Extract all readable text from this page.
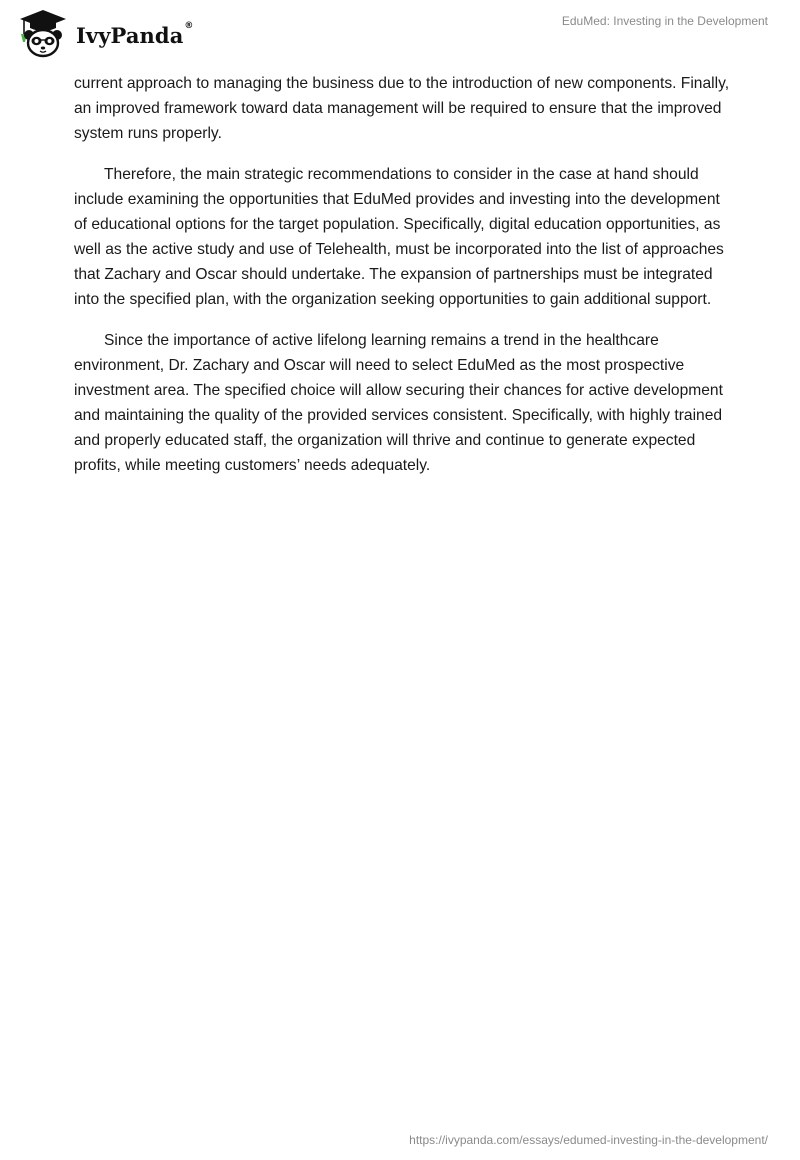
IvyPanda®	EduMed: Investing in the Development

current approach to managing the business due to the introduction of new components. Finally, an improved framework toward data management will be required to ensure that the improved system runs properly.

Therefore, the main strategic recommendations to consider in the case at hand should include examining the opportunities that EduMed provides and investing into the development of educational options for the target population. Specifically, digital education opportunities, as well as the active study and use of Telehealth, must be incorporated into the list of approaches that Zachary and Oscar should undertake. The expansion of partnerships must be integrated into the specified plan, with the organization seeking opportunities to gain additional support.

Since the importance of active lifelong learning remains a trend in the healthcare environment, Dr. Zachary and Oscar will need to select EduMed as the most prospective investment area. The specified choice will allow securing their chances for active development and maintaining the quality of the provided services consistent. Specifically, with highly trained and properly educated staff, the organization will thrive and continue to generate expected profits, while meeting customers’ needs adequately.

https://ivypanda.com/essays/edumed-investing-in-the-development/
